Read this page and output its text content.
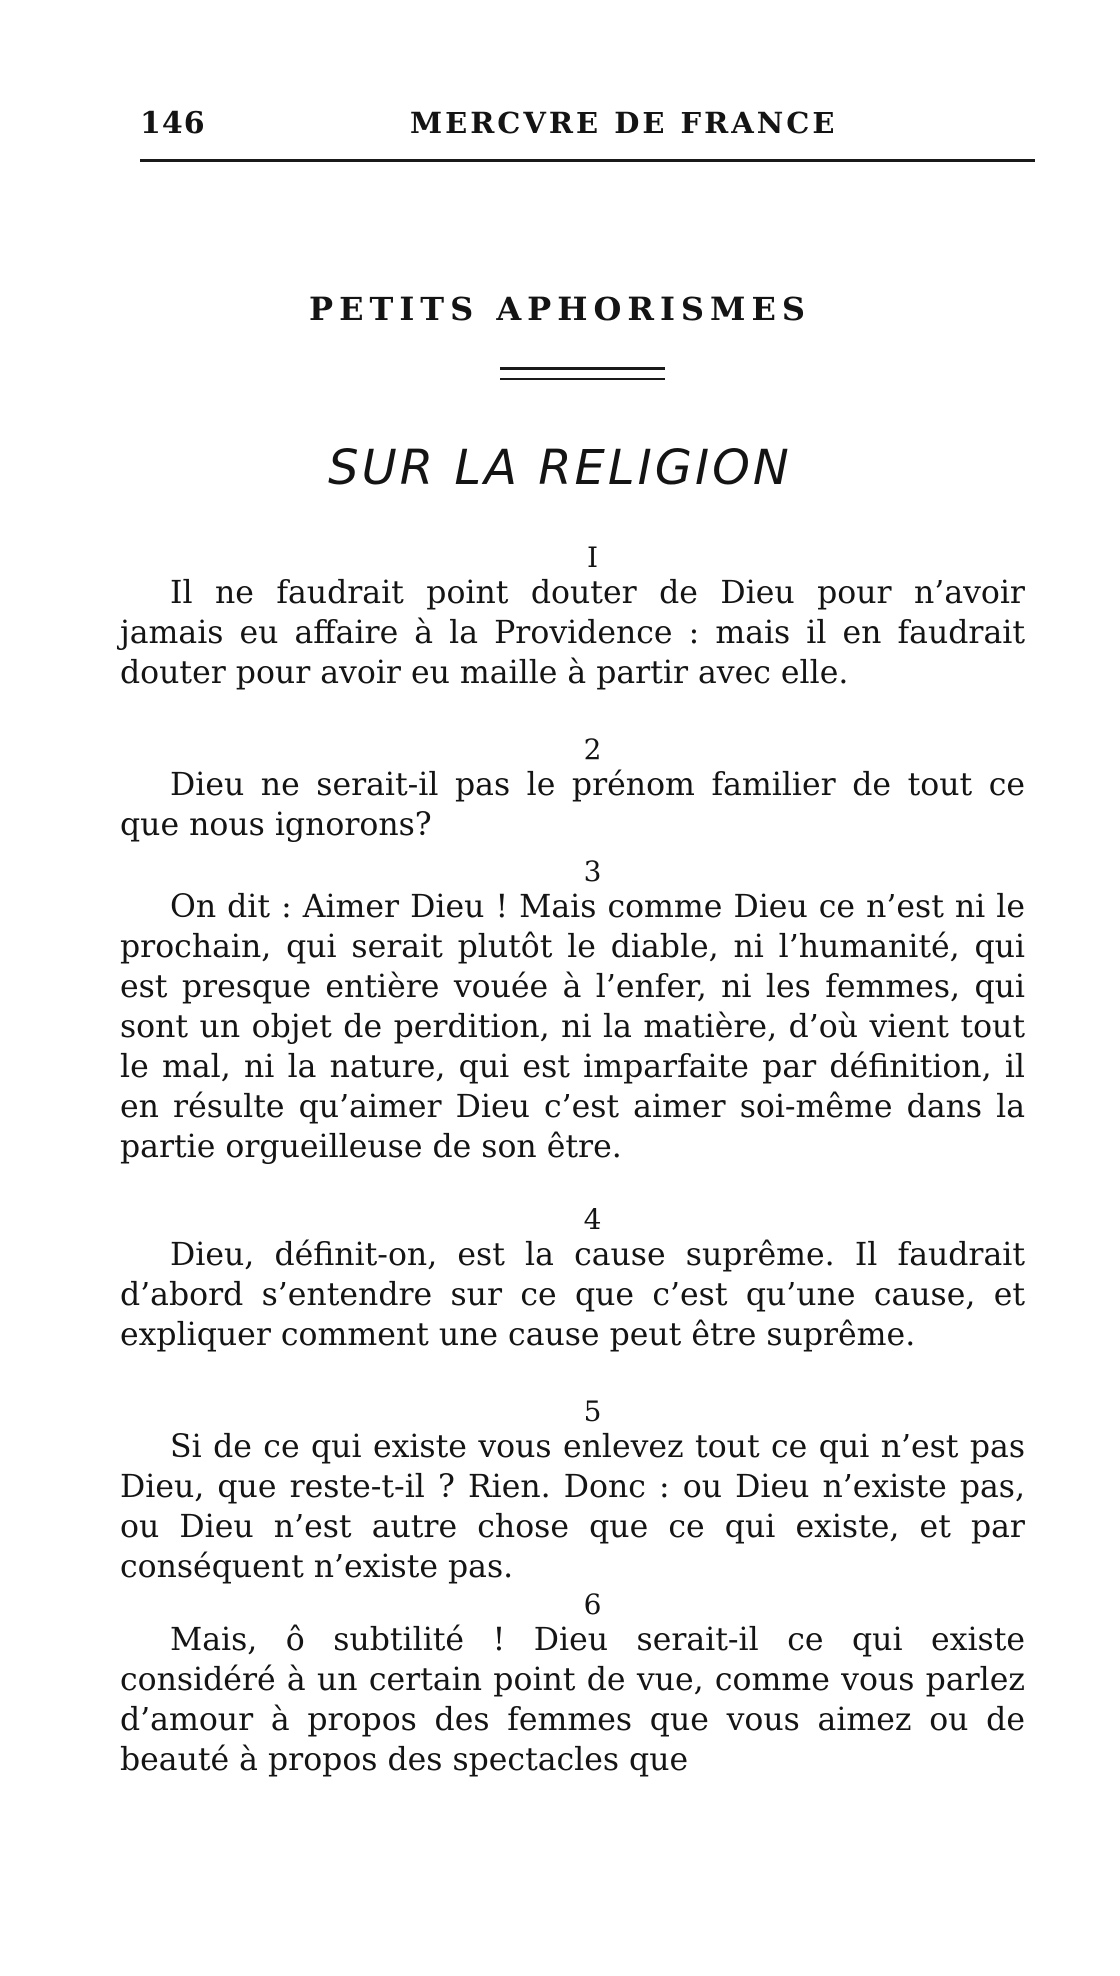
146	MERCVRE DE FRANCE
PETITS APHORISMES
SUR LA RELIGION
I

Il ne faudrait point douter de Dieu pour n’avoir jamais eu affaire à la Providence : mais il en faudrait douter pour avoir eu maille à partir avec elle.

2

Dieu ne serait-il pas le prénom familier de tout ce que nous ignorons?

3

On dit : Aimer Dieu ! Mais comme Dieu ce n’est ni le prochain, qui serait plutôt le diable, ni l’humanité, qui est presque entière vouée à l’enfer, ni les femmes, qui sont un objet de perdition, ni la matière, d’où vient tout le mal, ni la nature, qui est imparfaite par définition, il en résulte qu’aimer Dieu c’est aimer soi-même dans la partie orgueilleuse de son être.

4

Dieu, définit-on, est la cause suprême. Il faudrait d’abord s’entendre sur ce que c’est qu’une cause, et expliquer comment une cause peut être suprême.

5

Si de ce qui existe vous enlevez tout ce qui n’est pas Dieu, que reste-t-il ? Rien. Donc : ou Dieu n’existe pas, ou Dieu n’est autre chose que ce qui existe, et par conséquent n’existe pas.

6

Mais, ô subtilité ! Dieu serait-il ce qui existe considéré à un certain point de vue, comme vous parlez d’amour à propos des femmes que vous aimez ou de beauté à propos des spectacles que
